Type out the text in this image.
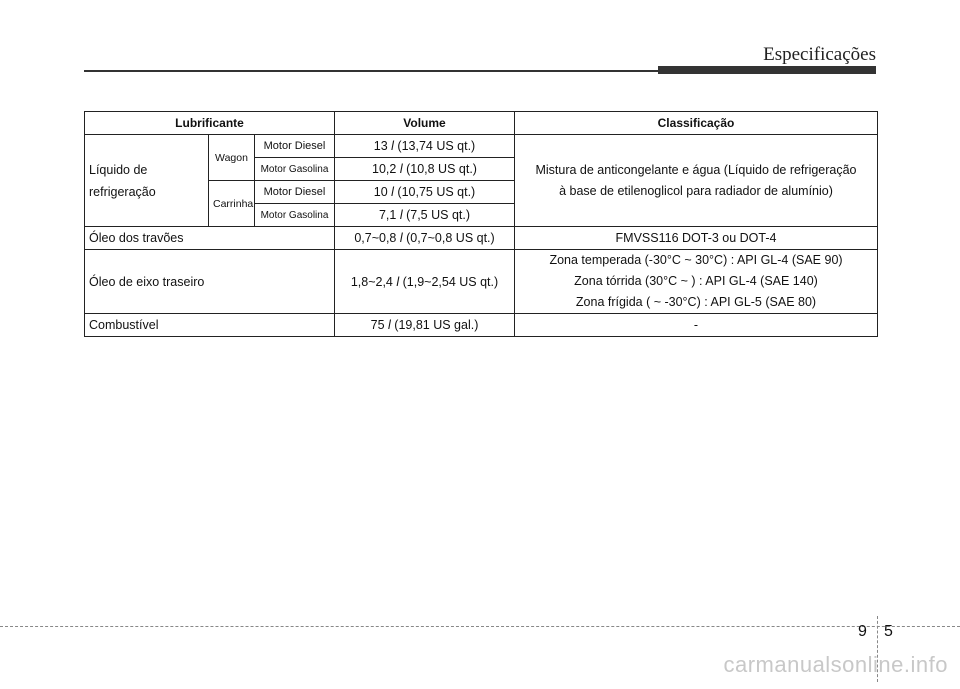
Especificações
Lubrificante			Volume	Classificação
Líquido de
refrigeração	Wagon	Motor Diesel	13 l (13,74 US qt.)	Mistura de anticongelante e água (Líquido de refrigeração
à base de etilenoglicol para radiador de alumínio)
		Motor Gasolina	10,2 l (10,8 US qt.)	
	Carrinha	Motor Diesel	10 l (10,75 US qt.)	
		Motor Gasolina	7,1 l (7,5 US qt.)	
Óleo dos travões			0,7~0,8 l (0,7~0,8 US qt.)	FMVSS116 DOT-3 ou DOT-4
Óleo de eixo traseiro			1,8~2,4 l (1,9~2,54 US qt.)	Zona temperada (-30°C ~ 30°C) : API GL-4 (SAE 90)
Zona tórrida (30°C ~ ) : API GL-4 (SAE 140)
Zona frígida ( ~ -30°C) : API GL-5 (SAE 80)
Combustível			75 l (19,81 US gal.)	-
9 5
carmanualsonline.info
